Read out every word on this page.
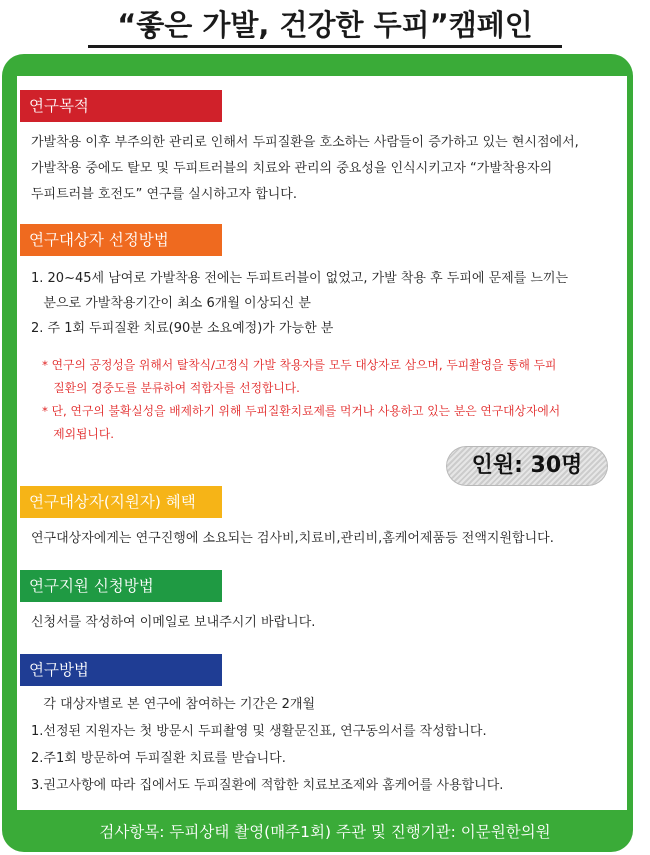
“좋은 가발, 건강한 두피”캠페인
연구목적
가발착용 이후 부주의한 관리로 인해서 두피질환을 호소하는 사람들이 증가하고 있는 현시점에서,
가발착용 중에도 탈모 및 두피트러블의 치료와 관리의 중요성을 인식시키고자 “가발착용자의
두피트러블 호전도” 연구를 실시하고자 합니다.
연구대상자 선정방법
1. 20~45세 남여로 가발착용 전에는 두피트러블이 없었고, 가발 착용 후 두피에 문제를 느끼는
분으로 가발착용기간이 최소 6개월 이상되신 분
2. 주 1회 두피질환 치료(90분 소요예정)가 가능한 분
* 연구의 공정성을 위해서 탈착식/고정식 가발 착용자를 모두 대상자로 삼으며, 두피촬영을 통해 두피
질환의 경중도를 분류하여 적합자를 선정합니다.
* 단, 연구의 불확실성을 배제하기 위해 두피질환치료제를 먹거나 사용하고 있는 분은 연구대상자에서
제외됩니다.
인원: 30명
연구대상자(지원자) 혜택
연구대상자에게는 연구진행에 소요되는 검사비,치료비,관리비,홈케어제품등 전액지원합니다.
연구지원 신청방법
신청서를 작성하여 이메일로 보내주시기 바랍니다.
연구방법
각 대상자별로 본 연구에 참여하는 기간은 2개월
1.선정된 지원자는 첫 방문시 두피촬영 및 생활문진표, 연구동의서를 작성합니다.
2.주1회 방문하여 두피질환 치료를 받습니다.
3.권고사항에 따라 집에서도 두피질환에 적합한 치료보조제와 홈케어를 사용합니다.
검사항목: 두피상태 촬영(매주1회) 주관 및 진행기관: 이문원한의원
